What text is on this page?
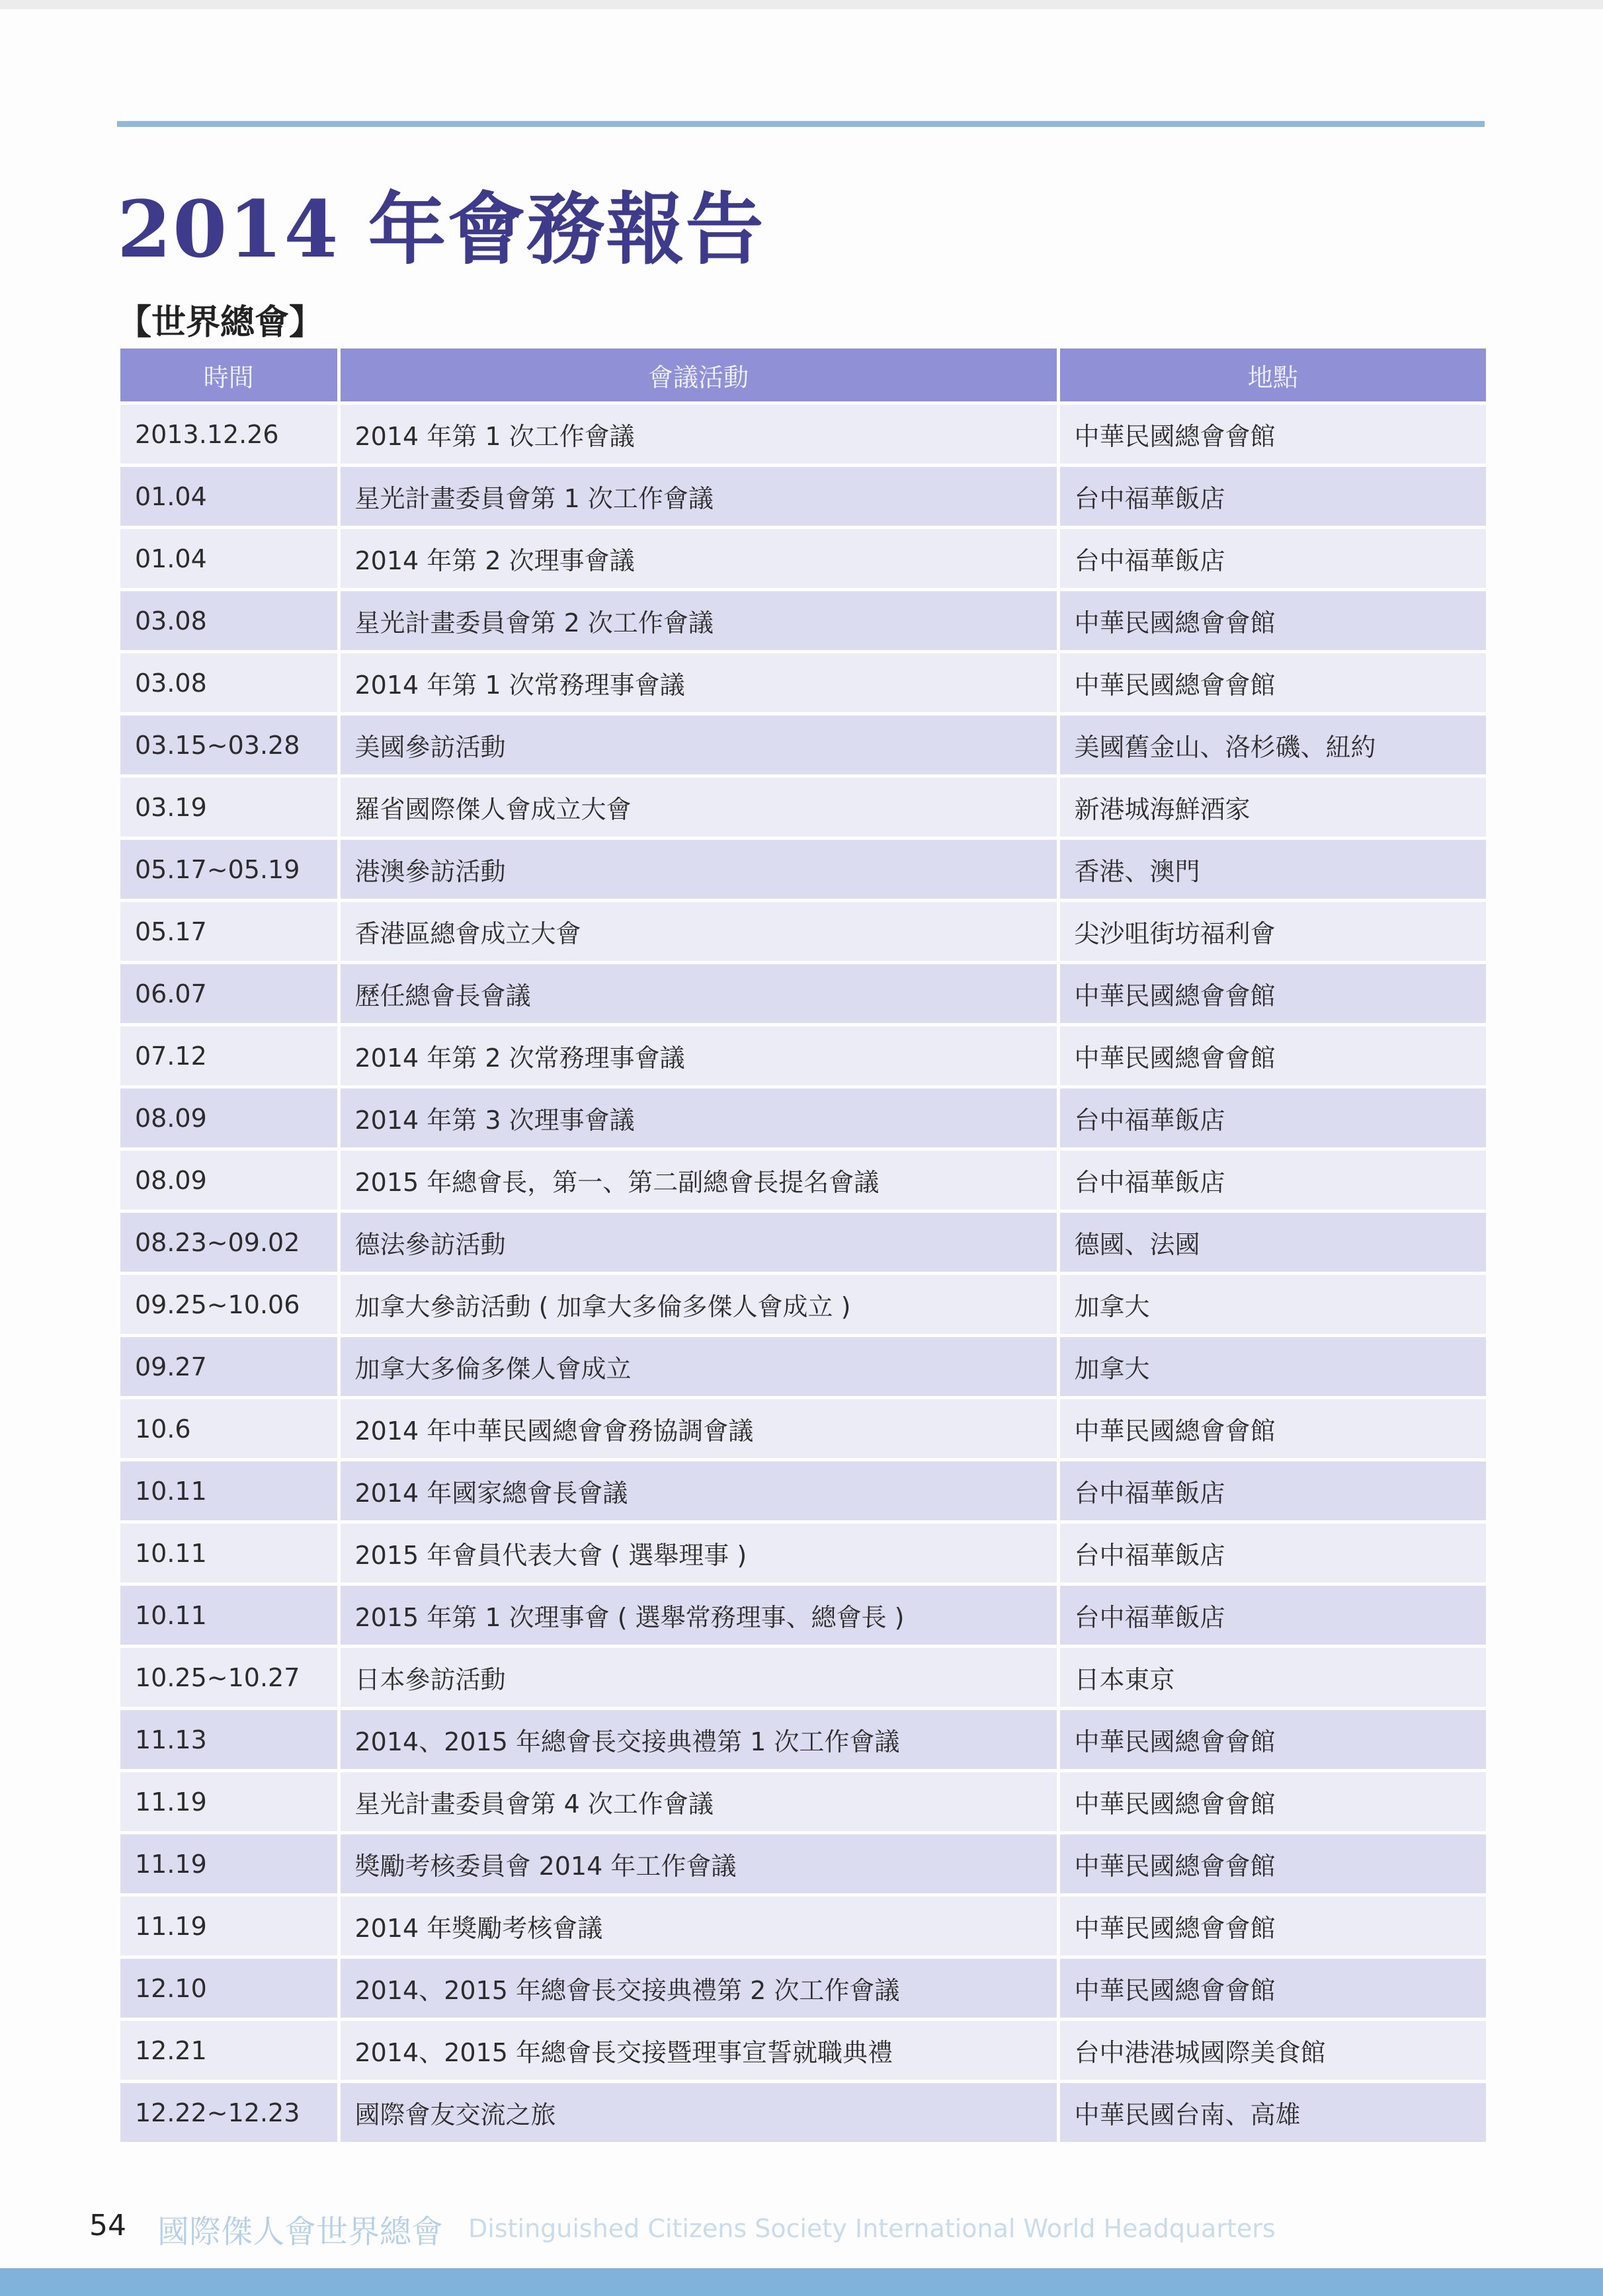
2014 年會務報告
【世界總會】
時間	會議活動	地點
2013.12.26	2014 年第 1 次工作會議	中華民國總會會館
01.04	星光計畫委員會第 1 次工作會議	台中福華飯店
01.04	2014 年第 2 次理事會議	台中福華飯店
03.08	星光計畫委員會第 2 次工作會議	中華民國總會會館
03.08	2014 年第 1 次常務理事會議	中華民國總會會館
03.15~03.28	美國參訪活動	美國舊金山、洛杉磯、紐約
03.19	羅省國際傑人會成立大會	新港城海鮮酒家
05.17~05.19	港澳參訪活動	香港、澳門
05.17	香港區總會成立大會	尖沙咀街坊福利會
06.07	歷任總會長會議	中華民國總會會館
07.12	2014 年第 2 次常務理事會議	中華民國總會會館
08.09	2014 年第 3 次理事會議	台中福華飯店
08.09	2015 年總會長，第一、第二副總會長提名會議	台中福華飯店
08.23~09.02	德法參訪活動	德國、法國
09.25~10.06	加拿大參訪活動 ( 加拿大多倫多傑人會成立 )	加拿大
09.27	加拿大多倫多傑人會成立	加拿大
10.6	2014 年中華民國總會會務協調會議	中華民國總會會館
10.11	2014 年國家總會長會議	台中福華飯店
10.11	2015 年會員代表大會 ( 選舉理事 )	台中福華飯店
10.11	2015 年第 1 次理事會 ( 選舉常務理事、總會長 )	台中福華飯店
10.25~10.27	日本參訪活動	日本東京
11.13	2014、2015 年總會長交接典禮第 1 次工作會議	中華民國總會會館
11.19	星光計畫委員會第 4 次工作會議	中華民國總會會館
11.19	獎勵考核委員會 2014 年工作會議	中華民國總會會館
11.19	2014 年獎勵考核會議	中華民國總會會館
12.10	2014、2015 年總會長交接典禮第 2 次工作會議	中華民國總會會館
12.21	2014、2015 年總會長交接暨理事宣誓就職典禮	台中港港城國際美食館
12.22~12.23	國際會友交流之旅	中華民國台南、高雄
54 國際傑人會世界總會 Distinguished Citizens Society International World Headquarters
